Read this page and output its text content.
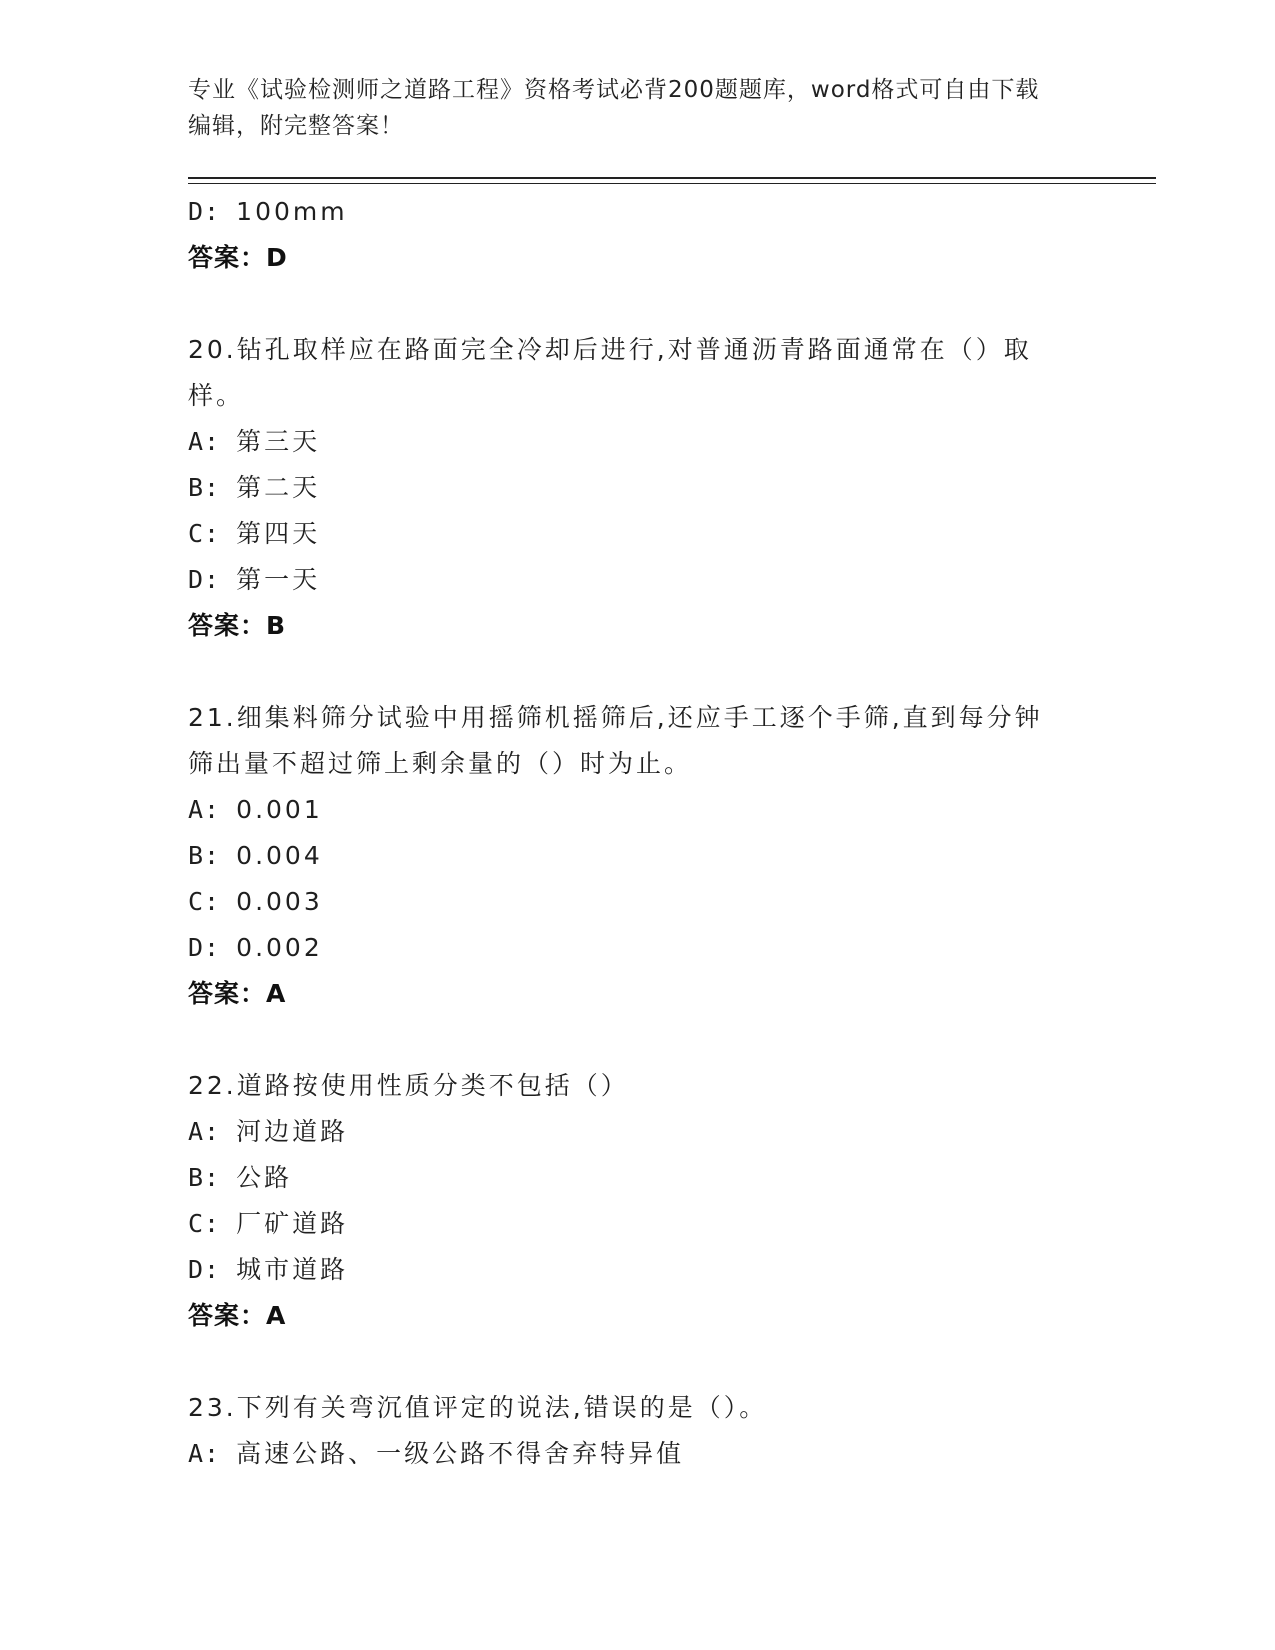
专业《试验检测师之道路工程》资格考试必背200题题库，word格式可自由下载
编辑，附完整答案！
D: 100mm
答案：D
20.钻孔取样应在路面完全冷却后进行,对普通沥青路面通常在（）取
样。
A: 第三天
B: 第二天
C: 第四天
D: 第一天
答案：B
21.细集料筛分试验中用摇筛机摇筛后,还应手工逐个手筛,直到每分钟
筛出量不超过筛上剩余量的（）时为止。
A: 0.001
B: 0.004
C: 0.003
D: 0.002
答案：A
22.道路按使用性质分类不包括（）
A: 河边道路
B: 公路
C: 厂矿道路
D: 城市道路
答案：A
23.下列有关弯沉值评定的说法,错误的是（）。
A: 高速公路、一级公路不得舍弃特异值
